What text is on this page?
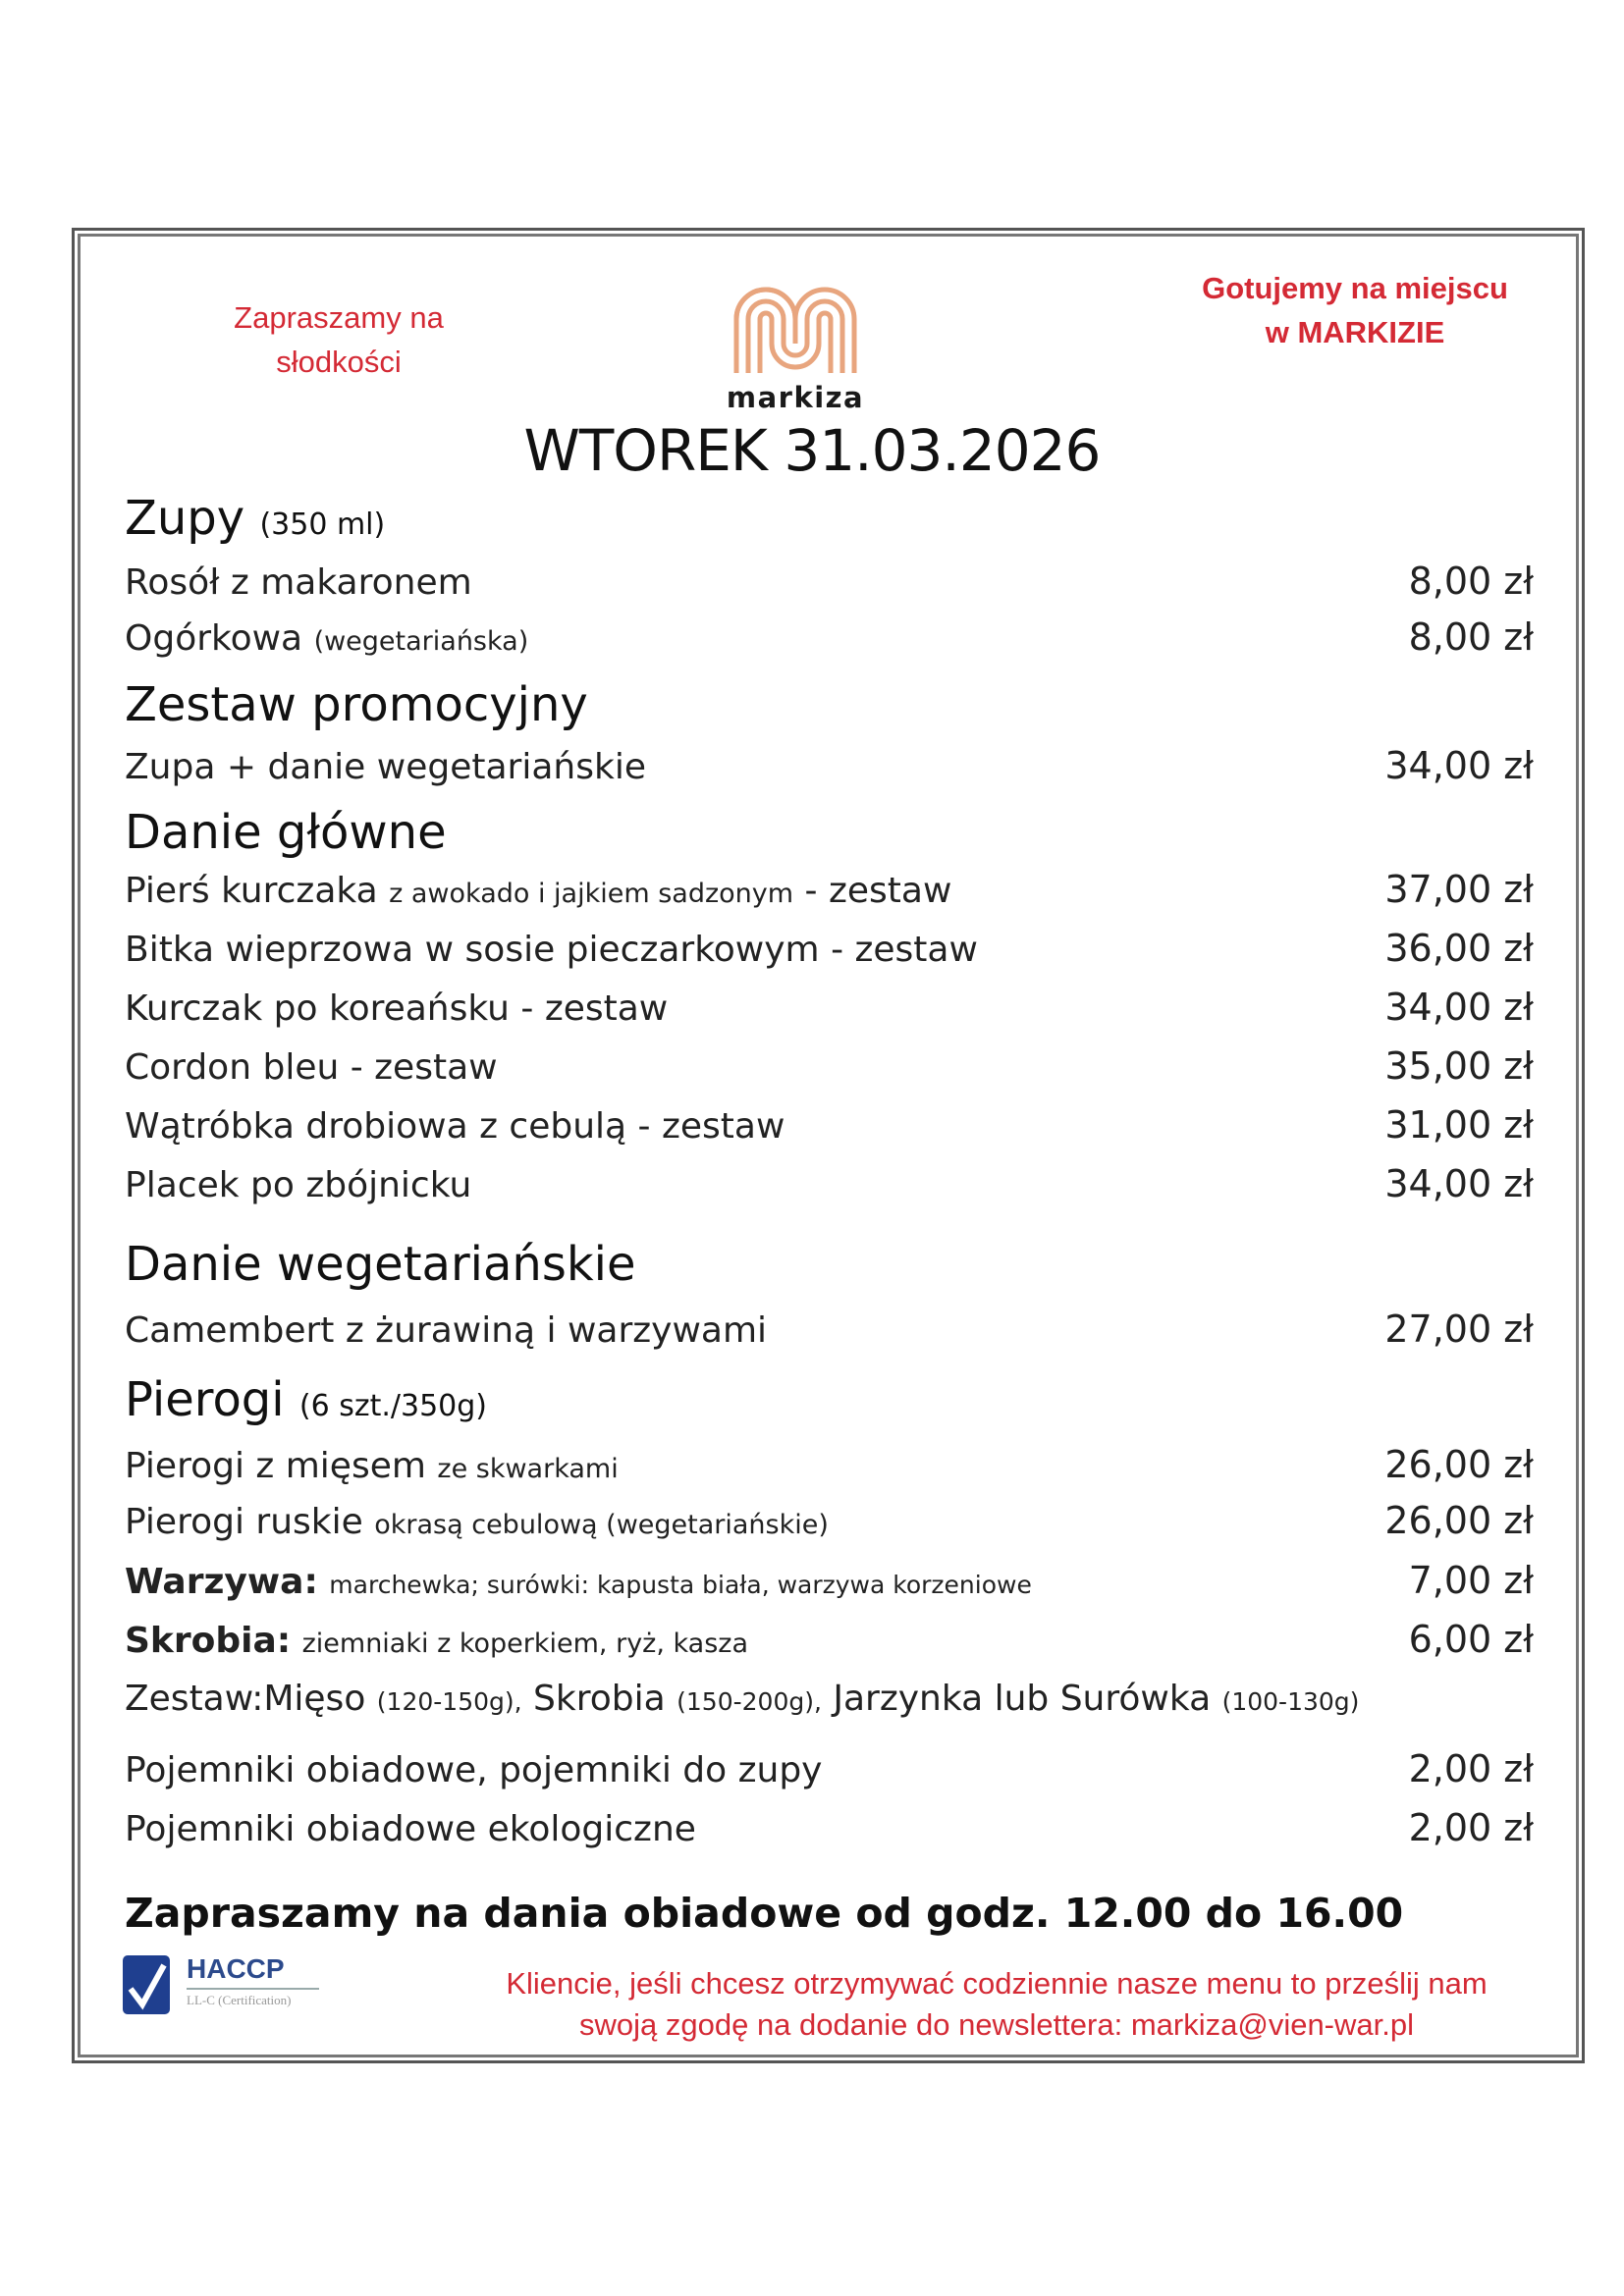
Zapraszamy na
słodkości
markiza
Gotujemy na miejscu
w MARKIZIE
WTOREK 31.03.2026
Zupy (350 ml)
Rosół z makaronem	8,00 zł
Ogórkowa (wegetariańska)	8,00 zł
Zestaw promocyjny
Zupa + danie wegetariańskie	34,00 zł
Danie główne
Pierś kurczaka z awokado i jajkiem sadzonym - zestaw	37,00 zł
Bitka wieprzowa w sosie pieczarkowym - zestaw	36,00 zł
Kurczak po koreańsku - zestaw	34,00 zł
Cordon bleu - zestaw	35,00 zł
Wątróbka drobiowa z cebulą - zestaw	31,00 zł
Placek po zbójnicku	34,00 zł
Danie wegetariańskie
Camembert z żurawiną i warzywami	27,00 zł
Pierogi (6 szt./350g)
Pierogi z mięsem ze skwarkami	26,00 zł
Pierogi ruskie okrasą cebulową (wegetariańskie)	26,00 zł
Warzywa: marchewka; surówki: kapusta biała, warzywa korzeniowe	7,00 zł
Skrobia: ziemniaki z koperkiem, ryż, kasza	6,00 zł
Zestaw:Mięso (120-150g), Skrobia (150-200g), Jarzynka lub Surówka (100-130g)
Pojemniki obiadowe, pojemniki do zupy	2,00 zł
Pojemniki obiadowe ekologiczne	2,00 zł
Zapraszamy na dania obiadowe od godz. 12.00 do 16.00
HACCP
LL-C (Certification)	Kliencie, jeśli chcesz otrzymywać codziennie nasze menu to prześlij nam
swoją zgodę na dodanie do newslettera: markiza@vien-war.pl
